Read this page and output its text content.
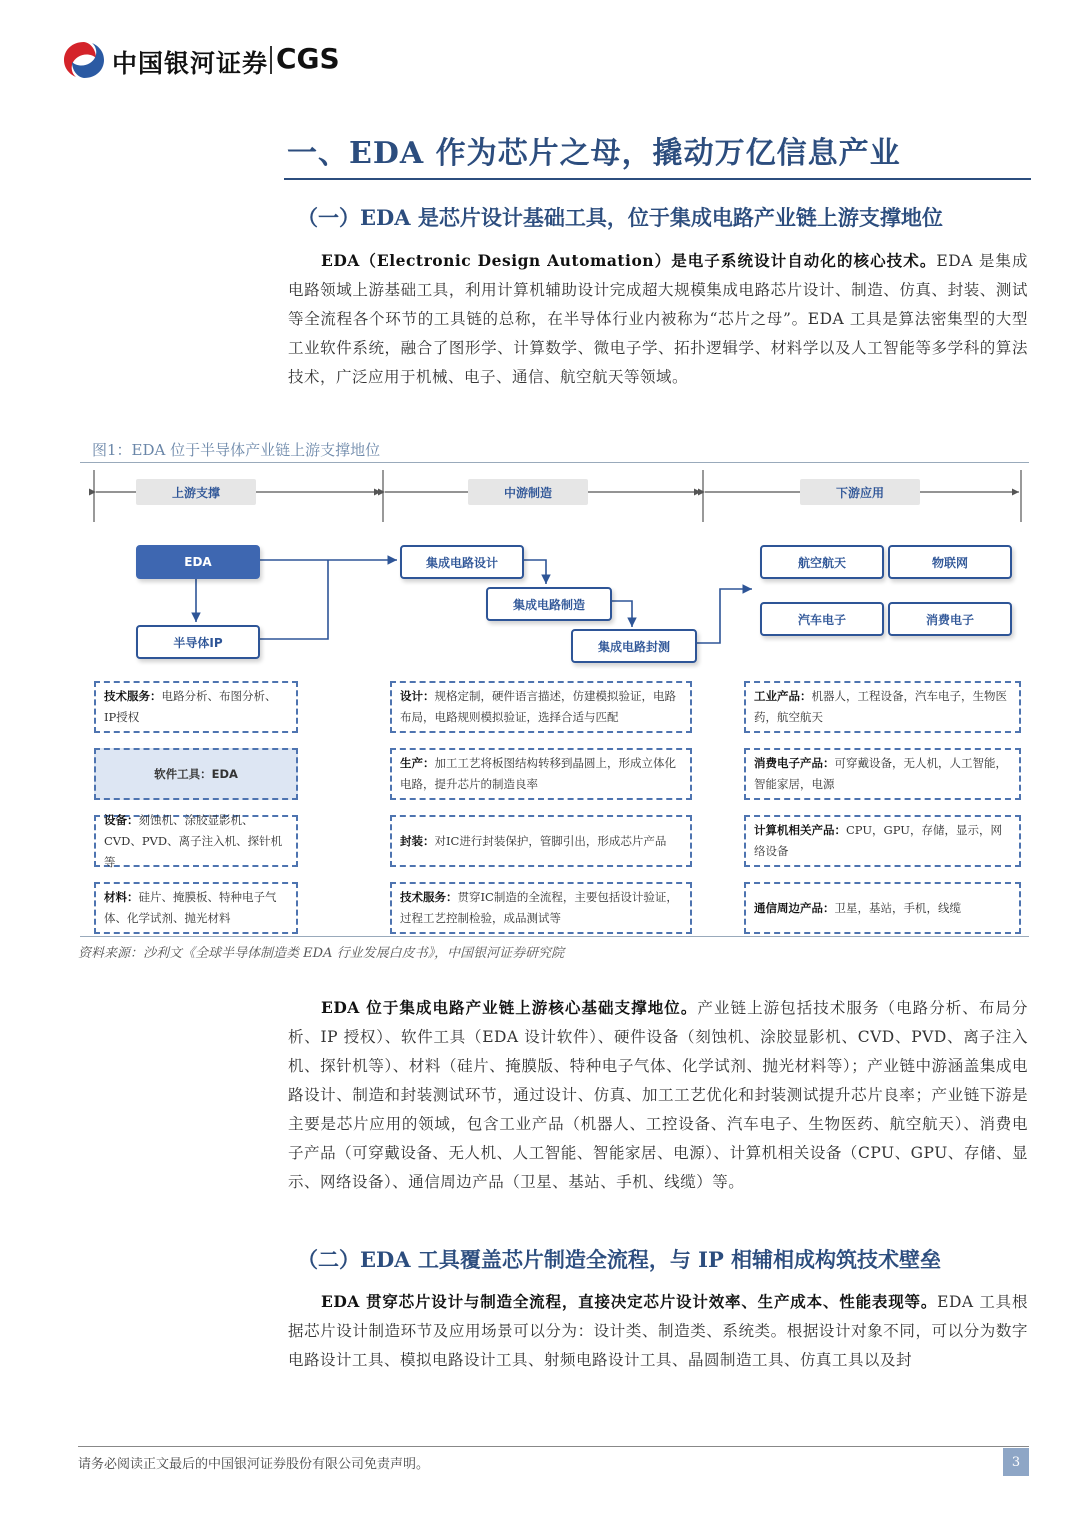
中国银河证券 CGS
一、EDA 作为芯片之母，撬动万亿信息产业
（一）EDA 是芯片设计基础工具，位于集成电路产业链上游支撑地位
EDA（Electronic Design Automation）是电子系统设计自动化的核心技术。EDA 是集成电路领域上游基础工具，利用计算机辅助设计完成超大规模集成电路芯片设计、制造、仿真、封装、测试等全流程各个环节的工具链的总称，在半导体行业内被称为“芯片之母”。EDA 工具是算法密集型的大型工业软件系统，融合了图形学、计算数学、微电子学、拓扑逻辑学、材料学以及人工智能等多学科的算法技术，广泛应用于机械、电子、通信、航空航天等领域。
图1：EDA 位于半导体产业链上游支撑地位
上游支撑	中游制造	下游应用
EDA
半导体IP
集成电路设计
集成电路制造
集成电路封测
航空航天	物联网
汽车电子	消费电子
技术服务：电路分析、布图分析、IP授权
软件工具：EDA
设备：刻蚀机、涂胶显影机、CVD、PVD、离子注入机、探针机等
材料：硅片、掩膜板、特种电子气体、化学试剂、抛光材料
设计：规格定制，硬件语言描述，仿建模拟验证，电路布局，电路规则模拟验证，选择合适与匹配
生产：加工工艺将板图结构转移到晶圆上，形成立体化电路，提升芯片的制造良率
封装：对IC进行封装保护，管脚引出，形成芯片产品
技术服务：贯穿IC制造的全流程，主要包括设计验证，过程工艺控制检验，成品测试等
工业产品：机器人，工程设备，汽车电子，生物医药，航空航天
消费电子产品：可穿戴设备，无人机，人工智能，智能家居，电源
计算机相关产品：CPU，GPU，存储，显示，网络设备
通信周边产品：卫星，基站，手机，线缆
资料来源：沙利文《全球半导体制造类 EDA 行业发展白皮书》，中国银河证券研究院
EDA 位于集成电路产业链上游核心基础支撑地位。产业链上游包括技术服务（电路分析、布局分析、IP 授权）、软件工具（EDA 设计软件）、硬件设备（刻蚀机、涂胶显影机、CVD、PVD、离子注入机、探针机等）、材料（硅片、掩膜版、特种电子气体、化学试剂、抛光材料等）；产业链中游涵盖集成电路设计、制造和封装测试环节，通过设计、仿真、加工工艺优化和封装测试提升芯片良率；产业链下游是主要是芯片应用的领域，包含工业产品（机器人、工控设备、汽车电子、生物医药、航空航天）、消费电子产品（可穿戴设备、无人机、人工智能、智能家居、电源）、计算机相关设备（CPU、GPU、存储、显示、网络设备）、通信周边产品（卫星、基站、手机、线缆）等。
（二）EDA 工具覆盖芯片制造全流程，与 IP 相辅相成构筑技术壁垒
EDA 贯穿芯片设计与制造全流程，直接决定芯片设计效率、生产成本、性能表现等。EDA 工具根据芯片设计制造环节及应用场景可以分为：设计类、制造类、系统类。根据设计对象不同，可以分为数字电路设计工具、模拟电路设计工具、射频电路设计工具、晶圆制造工具、仿真工具以及封
请务必阅读正文最后的中国银河证券股份有限公司免责声明。	3
